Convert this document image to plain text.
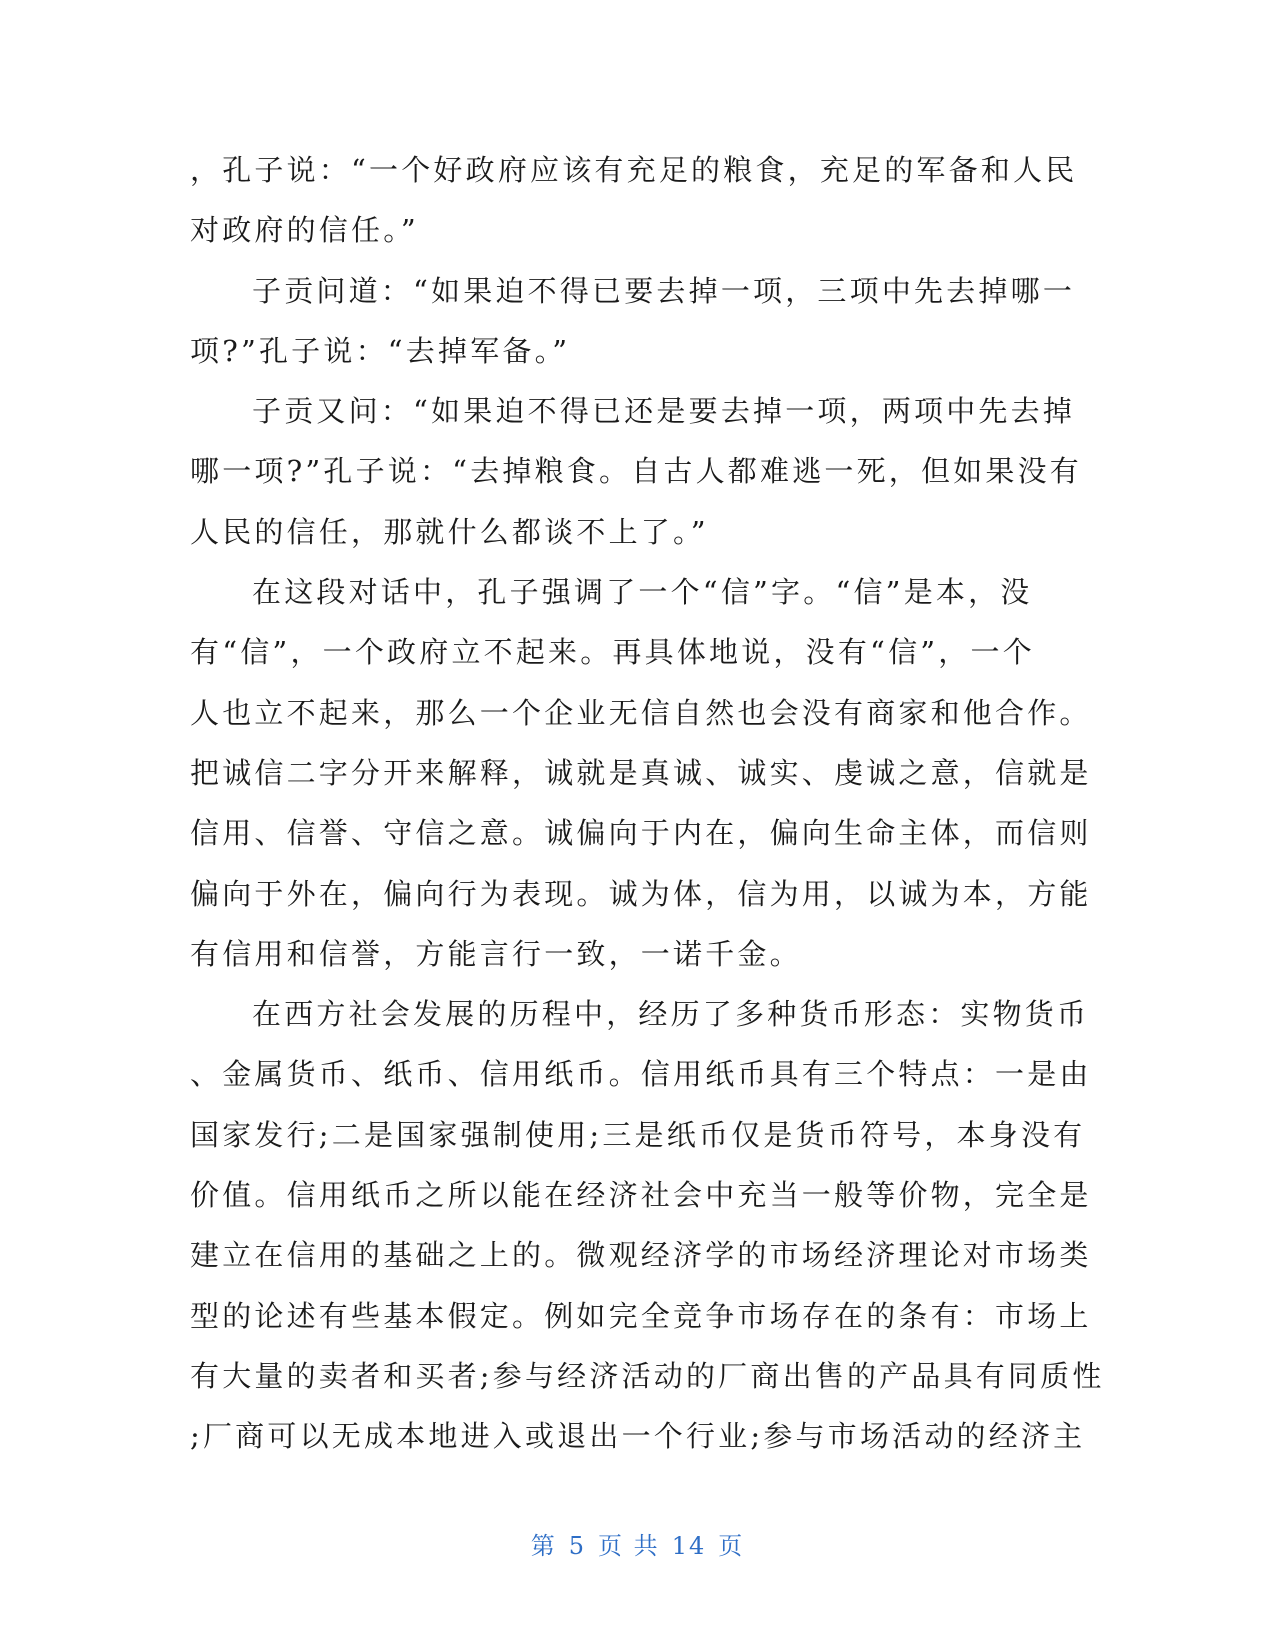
，孔子说：“一个好政府应该有充足的粮食，充足的军备和人民
对政府的信任。”
子贡问道：“如果迫不得已要去掉一项，三项中先去掉哪一
项?”孔子说：“去掉军备。”
子贡又问：“如果迫不得已还是要去掉一项，两项中先去掉
哪一项?”孔子说：“去掉粮食。自古人都难逃一死，但如果没有
人民的信任，那就什么都谈不上了。”
在这段对话中，孔子强调了一个“信”字。“信”是本，没
有“信”，一个政府立不起来。再具体地说，没有“信”，一个
人也立不起来，那么一个企业无信自然也会没有商家和他合作。
把诚信二字分开来解释，诚就是真诚、诚实、虔诚之意，信就是
信用、信誉、守信之意。诚偏向于内在，偏向生命主体，而信则
偏向于外在，偏向行为表现。诚为体，信为用，以诚为本，方能
有信用和信誉，方能言行一致，一诺千金。
在西方社会发展的历程中，经历了多种货币形态：实物货币
、金属货币、纸币、信用纸币。信用纸币具有三个特点：一是由
国家发行;二是国家强制使用;三是纸币仅是货币符号，本身没有
价值。信用纸币之所以能在经济社会中充当一般等价物，完全是
建立在信用的基础之上的。微观经济学的市场经济理论对市场类
型的论述有些基本假定。例如完全竞争市场存在的条有：市场上
有大量的卖者和买者;参与经济活动的厂商出售的产品具有同质性
;厂商可以无成本地进入或退出一个行业;参与市场活动的经济主
第 5 页 共 14 页
